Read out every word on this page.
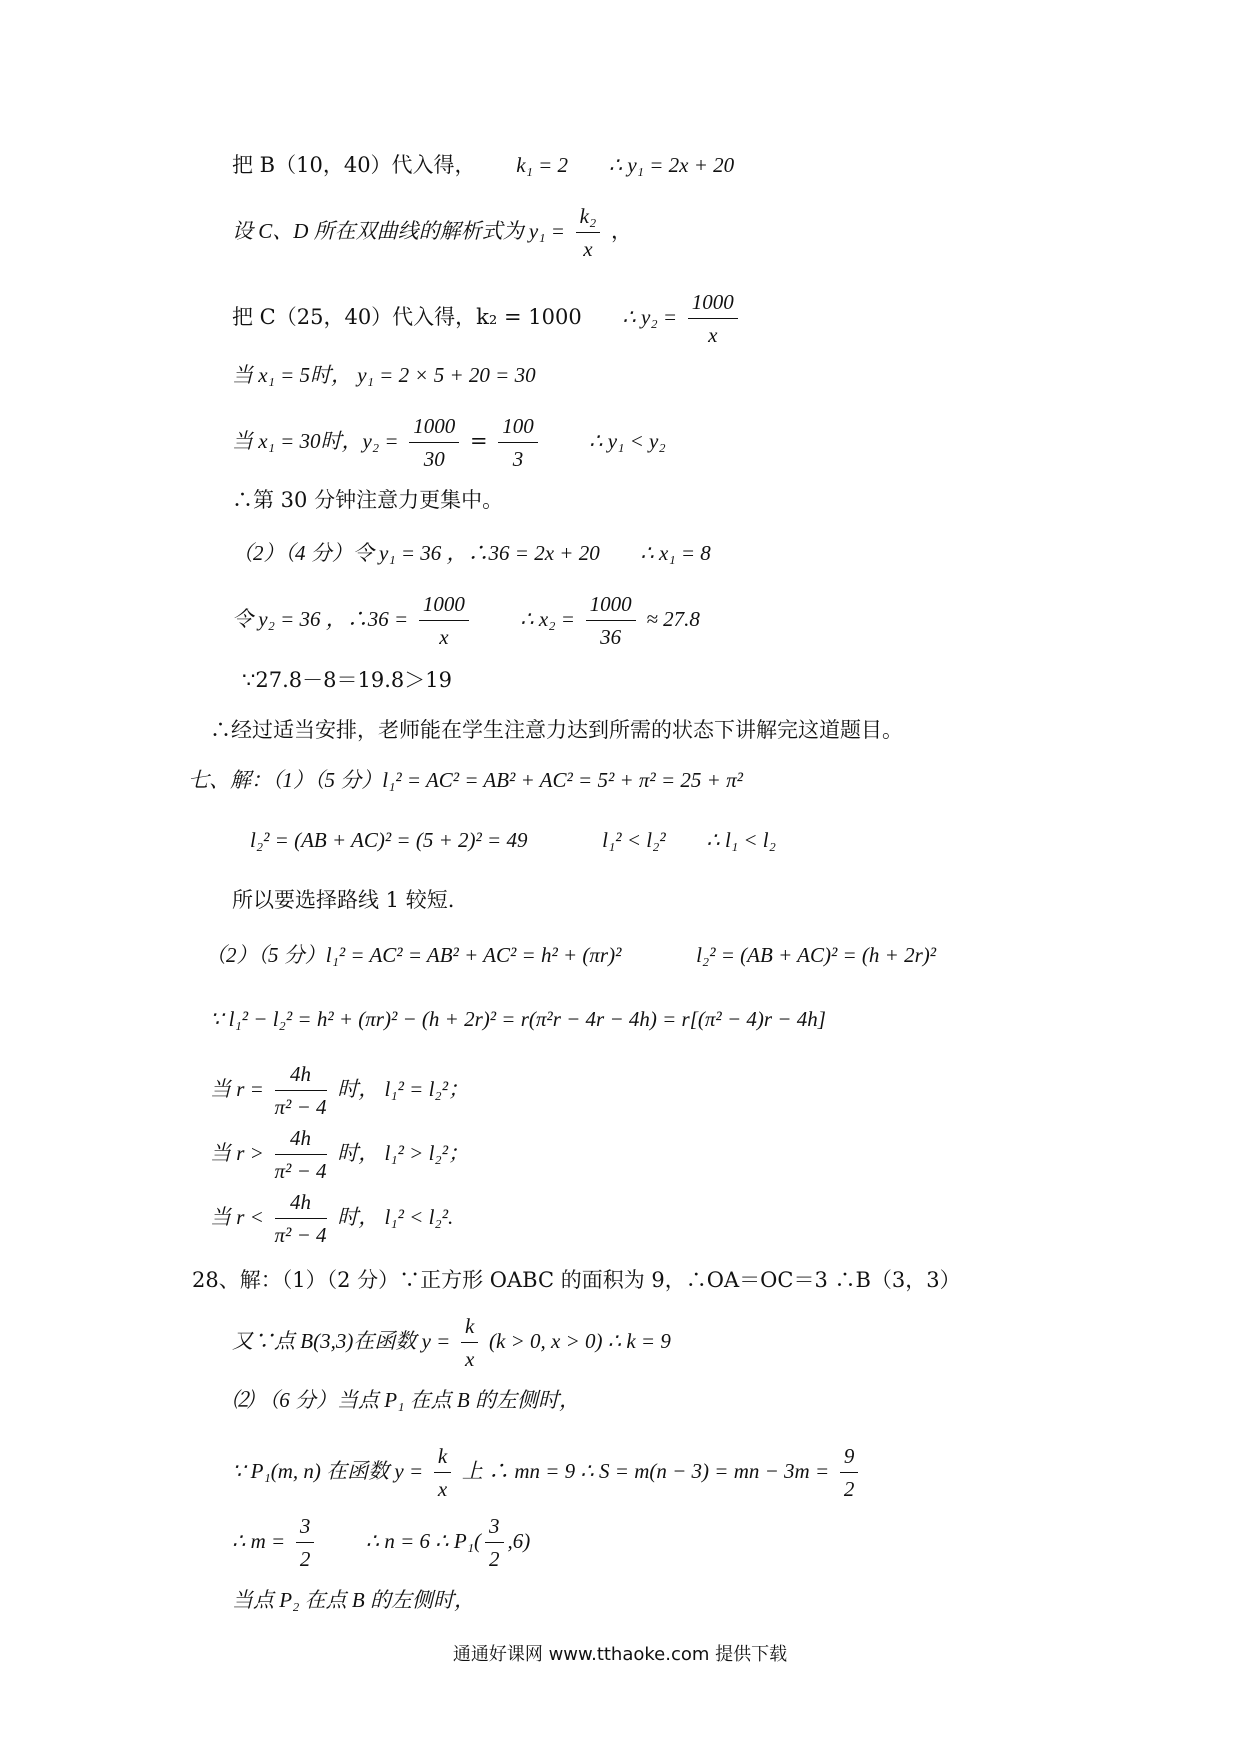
把 B（10，40）代入得， k₁ = 2 ∴ y₁ = 2x + 20
设 C、D 所在双曲线的解析式为 $y_1 = \frac{\text{k₂}}{x}$ ，
把 C（25，40）代入得，k₂ = 1000 ∴ $y_2 = \frac{1000}{x}$
当 x₁ = 5时， y₁ = 2 × 5 + 20 = 30
当 x₁ = 30时，$y_2 = \frac{1000}{30} = \frac{100}{3}$ ∴ y₁ < y₂
∴第 30 分钟注意力更集中。
（2）（4 分）令 y₁ = 36 ，∴36 = 2x + 20 ∴ x₁ = 8
令 y₂ = 36 ，∴36 = $\frac{1000}{x}$ ∴ $x_2 = \frac{1000}{36} \approx 27.8$
∵27.8－8＝19.8＞19
∴经过适当安排，老师能在学生注意力达到所需的状态下讲解完这道题目。
七、解：（1）（5 分）l₁² = AC² = AB² + AC² = 5² + π² = 25 + π²
l₂² = (AB + AC)² = (5 + 2)² = 49	l₁² < l₂² ∴ l₁ < l₂
所以要选择路线 1 较短.
（2）（5 分）l₁² = AC² = AB² + AC² = h² + (πr)²	l₂² = (AB + AC)² = (h + 2r)²
∵ l₁² − l₂² = h² + (πr)² − (h + 2r)² = r(π²r − 4r − 4h) = r[(π² − 4)r − 4h]
当 $r = \frac{4h}{\text{π² − 4}}$ 时， l₁² = l₂²；
当 $r > \frac{4h}{\text{π² − 4}}$ 时， l₁² > l₂²；
当 $r < \frac{4h}{\text{π² − 4}}$ 时， l₁² < l₂².
28、解：（1）（2 分）∵正方形 OABC 的面积为 9，∴OA＝OC＝3 ∴B（3，3）
又∵点 B(3,3)在函数 $y = \frac{k}{x} (k > 0$, x > 0) ∴ k = 9
⑵ （6 分）当点 P₁ 在点 B 的左侧时，
∵ P₁(m, n) 在函数 $y = \frac{k}{x}$ 上 ∴ mn = 9 ∴ S = m(n − 3) = mn − $3m = \frac{9}{2}$
∴ $m = \frac{3}{2}$ ∴ n = 6 ∴ $P_1( \frac{3}{2} ,6)$
当点 P₂ 在点 B 的左侧时，
通通好课网 www.tthaoke.com 提供下载
